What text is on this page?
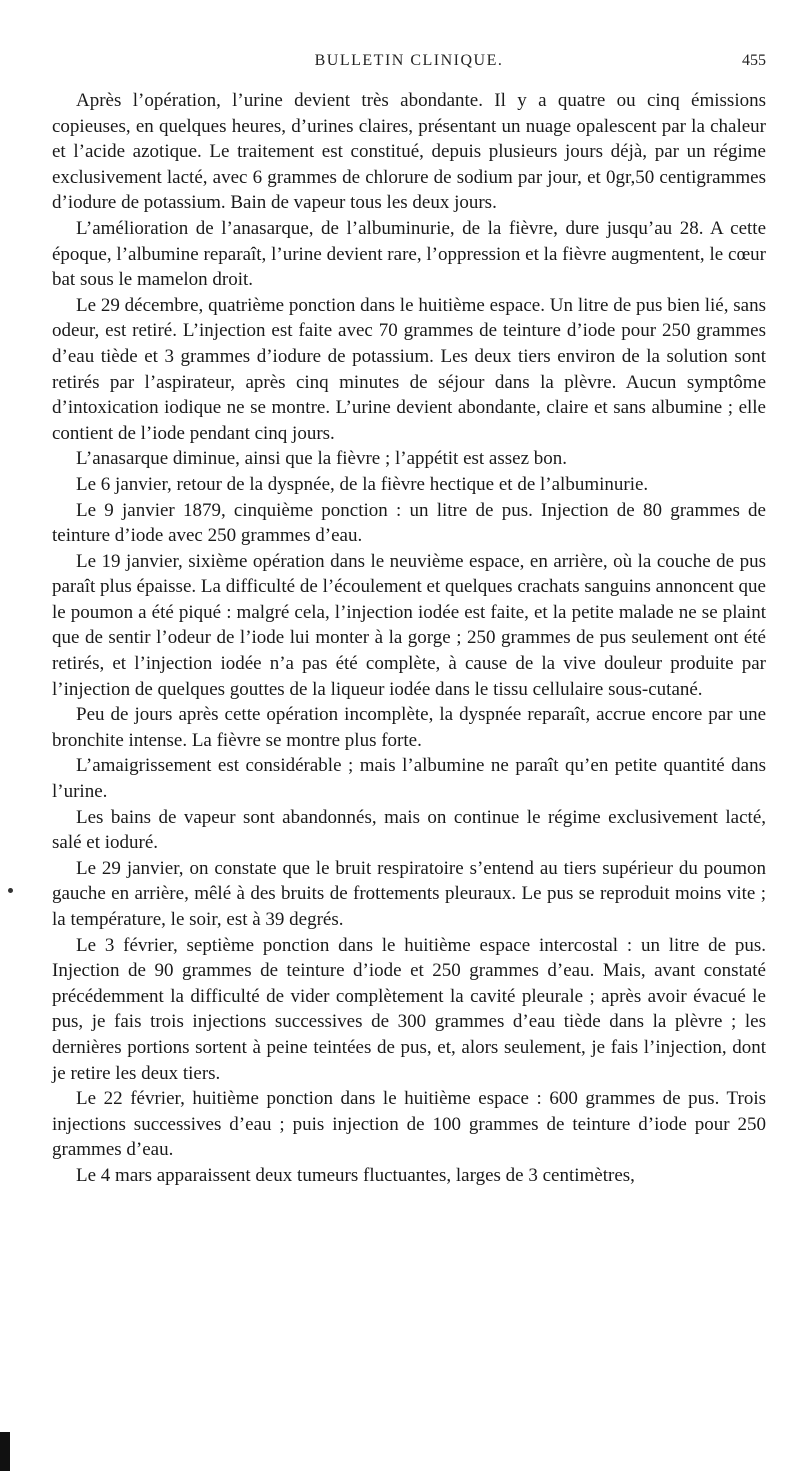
BULLETIN CLINIQUE.	455

Après l’opération, l’urine devient très abondante. Il y a quatre ou cinq émissions copieuses, en quelques heures, d’urines claires, présentant un nuage opalescent par la chaleur et l’acide azotique. Le traitement est constitué, depuis plusieurs jours déjà, par un régime exclusivement lacté, avec 6 grammes de chlorure de sodium par jour, et 0gr,50 centigrammes d’iodure de potassium. Bain de vapeur tous les deux jours.

L’amélioration de l’anasarque, de l’albuminurie, de la fièvre, dure jusqu’au 28. A cette époque, l’albumine reparaît, l’urine devient rare, l’oppression et la fièvre augmentent, le cœur bat sous le mamelon droit.

Le 29 décembre, quatrième ponction dans le huitième espace. Un litre de pus bien lié, sans odeur, est retiré. L’injection est faite avec 70 grammes de teinture d’iode pour 250 grammes d’eau tiède et 3 grammes d’iodure de potassium. Les deux tiers environ de la solution sont retirés par l’aspirateur, après cinq minutes de séjour dans la plèvre. Aucun symptôme d’intoxication iodique ne se montre. L’urine devient abondante, claire et sans albumine ; elle contient de l’iode pendant cinq jours.

L’anasarque diminue, ainsi que la fièvre ; l’appétit est assez bon.

Le 6 janvier, retour de la dyspnée, de la fièvre hectique et de l’albuminurie.

Le 9 janvier 1879, cinquième ponction : un litre de pus. Injection de 80 grammes de teinture d’iode avec 250 grammes d’eau.

Le 19 janvier, sixième opération dans le neuvième espace, en arrière, où la couche de pus paraît plus épaisse. La difficulté de l’écoulement et quelques crachats sanguins annoncent que le poumon a été piqué : malgré cela, l’injection iodée est faite, et la petite malade ne se plaint que de sentir l’odeur de l’iode lui monter à la gorge ; 250 grammes de pus seulement ont été retirés, et l’injection iodée n’a pas été complète, à cause de la vive douleur produite par l’injection de quelques gouttes de la liqueur iodée dans le tissu cellulaire sous-cutané.

Peu de jours après cette opération incomplète, la dyspnée reparaît, accrue encore par une bronchite intense. La fièvre se montre plus forte.

L’amaigrissement est considérable ; mais l’albumine ne paraît qu’en petite quantité dans l’urine.

Les bains de vapeur sont abandonnés, mais on continue le régime exclusivement lacté, salé et ioduré.

Le 29 janvier, on constate que le bruit respiratoire s’entend au tiers supérieur du poumon gauche en arrière, mêlé à des bruits de frottements pleuraux. Le pus se reproduit moins vite ; la température, le soir, est à 39 degrés.

Le 3 février, septième ponction dans le huitième espace intercostal : un litre de pus. Injection de 90 grammes de teinture d’iode et 250 grammes d’eau. Mais, avant constaté précédemment la difficulté de vider complètement la cavité pleurale ; après avoir évacué le pus, je fais trois injections successives de 300 grammes d’eau tiède dans la plèvre ; les dernières portions sortent à peine teintées de pus, et, alors seulement, je fais l’injection, dont je retire les deux tiers.

Le 22 février, huitième ponction dans le huitième espace : 600 grammes de pus. Trois injections successives d’eau ; puis injection de 100 grammes de teinture d’iode pour 250 grammes d’eau.

Le 4 mars apparaissent deux tumeurs fluctuantes, larges de 3 centimètres,
